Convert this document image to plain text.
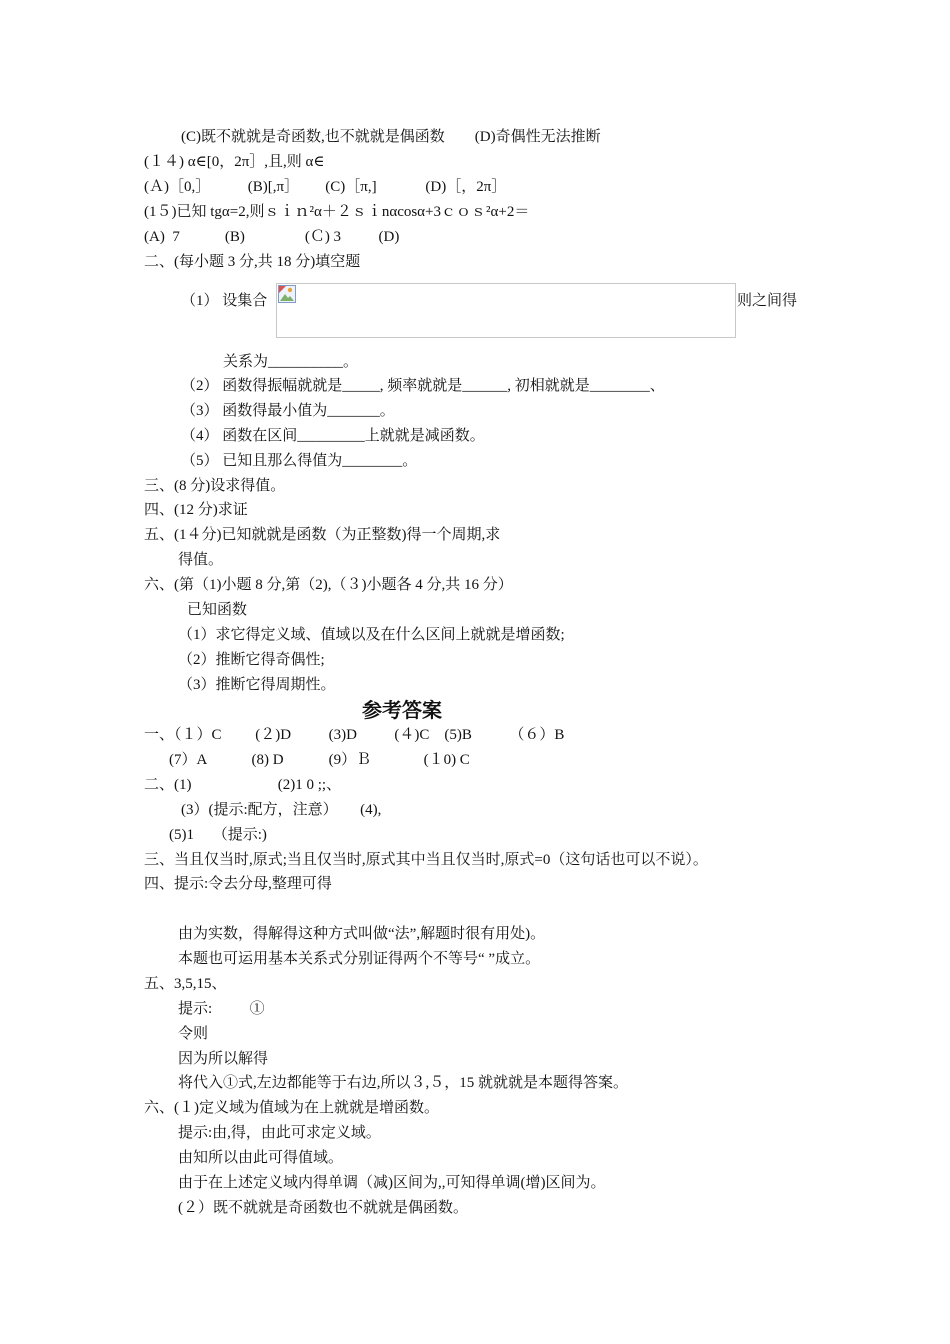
(C)既不就就是奇函数,也不就就是偶函数        (D)奇偶性无法推断
(１４) α∈[0，2π］,且,则 α∈
(Ａ)［0,］          (B)[,π］       (C)［π,]             (D)［，2π］
(1５)已知 tgα=2,则ｓｉｎ²α＋２ｓｉnαcosα+3ｃｏｓ²α+2＝
(A)  7            (B)                (Ｃ) 3          (D)
二、(每小题 3 分,共 18 分)填空题
（1） 设集合	则之间得
关系为__________。
（2） 函数得振幅就就是_____, 频率就就是______, 初相就就是________、
（3） 函数得最小值为_______。
（4） 函数在区间_________上就就是减函数。
（5） 已知且那么得值为________。
三、(8 分)设求得值。
四、(12 分)求证
五、(1４分)已知就就是函数（为正整数)得一个周期,求
得值。
六、(第（1)小题 8 分,第（2),（３)小题各 4 分,共 16 分）
已知函数
（1）求它得定义域、值域以及在什么区间上就就是增函数;
（2）推断它得奇偶性;
（3）推断它得周期性。
参考答案
一、（１）C         (２)D          (3)D          (４)C    (5)B          （６）B
(7）A            (8) D            (9）Ｂ              (１0) C
二、(1)                       (2)1 0 ;;、
(3）(提示:配方，注意）      (4),
(5)1     （提示:)
三、当且仅当时,原式;当且仅当时,原式其中当且仅当时,原式=0（这句话也可以不说）。
四、提示:令去分母,整理可得
由为实数，得解得这种方式叫做“法”,解题时很有用处)。
本题也可运用基本关系式分别证得两个不等号“ ”成立。
五、3,5,15、
提示:          ①
令则
因为所以解得
将代入①式,左边都能等于右边,所以３,５，15 就就就是本题得答案。
六、(１)定义域为值域为在上就就是增函数。
提示:由,得，由此可求定义域。
由知所以由此可得值域。
由于在上述定义域内得单调（减)区间为,,可知得单调(增)区间为。
(２）既不就就是奇函数也不就就是偶函数。
